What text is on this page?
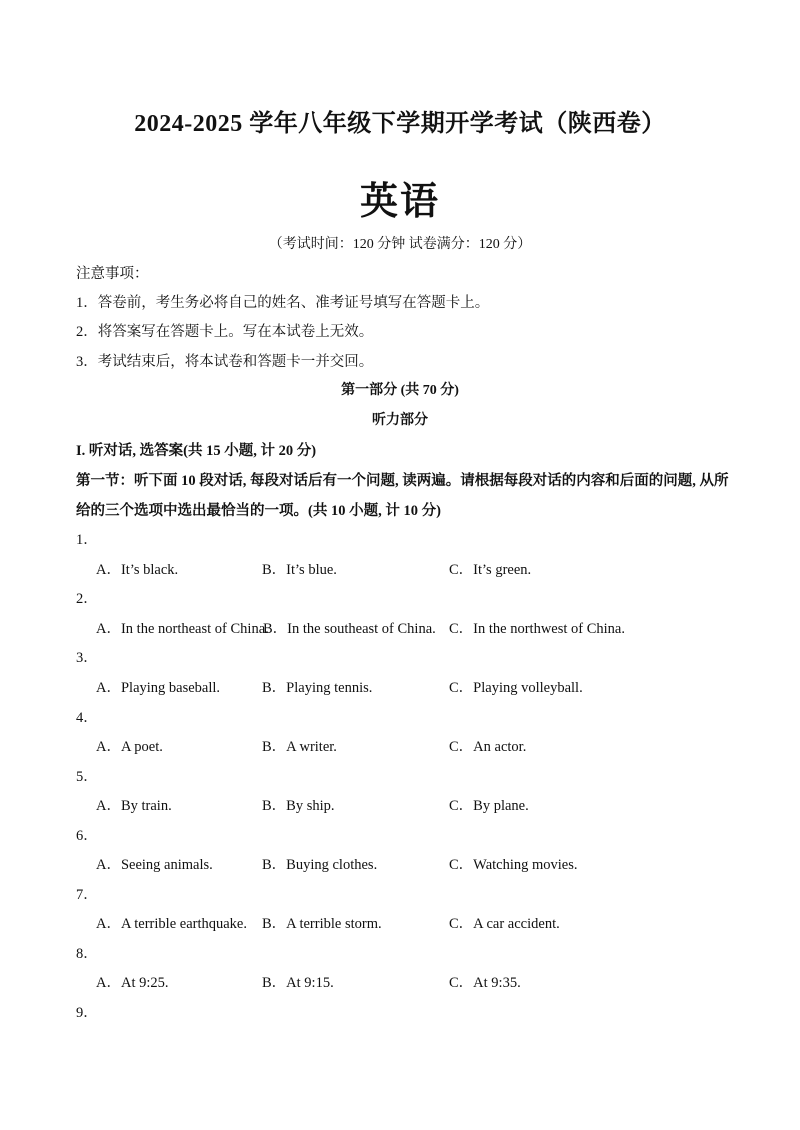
2024-2025 学年八年级下学期开学考试（陕西卷）
英语
（考试时间：120 分钟 试卷满分：120 分）
注意事项：
1．答卷前，考生务必将自己的姓名、准考证号填写在答题卡上。
2．将答案写在答题卡上。写在本试卷上无效。
3．考试结束后，将本试卷和答题卡一并交回。
第一部分 (共 70 分)
听力部分
I. 听对话, 选答案(共 15 小题, 计 20 分)
第一节：听下面 10 段对话, 每段对话后有一个问题, 读两遍。请根据每段对话的内容和后面的问题, 从所
给的三个选项中选出最恰当的一项。(共 10 小题, 计 10 分)
1．
A．It’s black.	B．It’s blue.	C．It’s green.
2．
A．In the northeast of China.
B．In the southeast of China. C．In the northwest of China.
3．
A．Playing baseball.	B．Playing tennis.	C．Playing volleyball.
4．
A．A poet.	B．A writer.	C．An actor.
5．
A．By train.	B．By ship.	C．By plane.
6．
A．Seeing animals.	B．Buying clothes.	C．Watching movies.
7．
A．A terrible earthquake. B．A terrible storm.	C．A car accident.
8．
A．At 9:25.	B．At 9:15.	C．At 9:35.
9．
